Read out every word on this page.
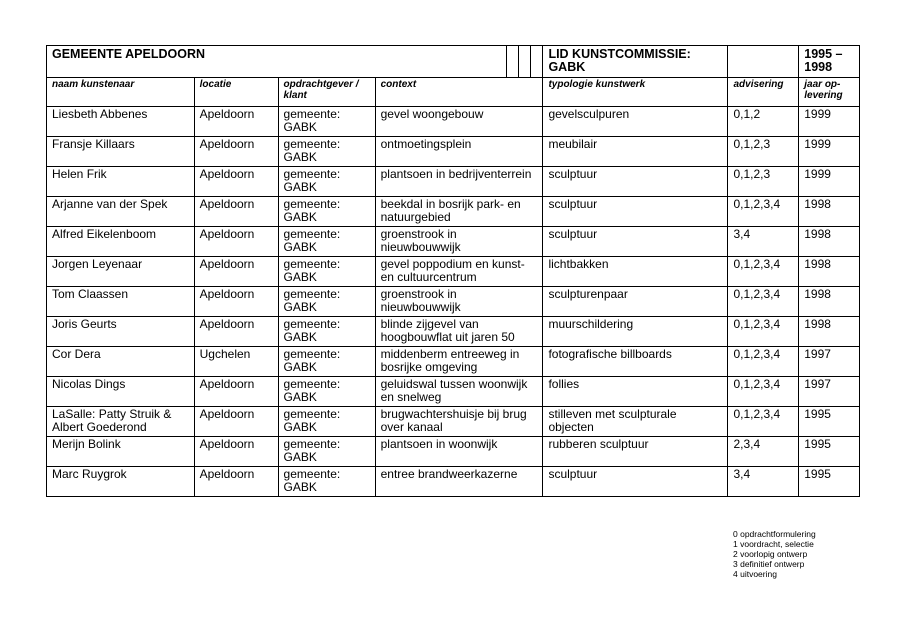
GEMEENTE APELDOORN							LID KUNSTCOMMISSIE: GABK		1995 – 1998
naam kunstenaar	locatie	opdrachtgever / klant	context				typologie kunstwerk	advisering	jaar op-levering
Liesbeth Abbenes	Apeldoorn	gemeente: GABK	gevel woongebouw				gevelsculpuren	0,1,2	1999
Fransje Killaars	Apeldoorn	gemeente: GABK	ontmoetingsplein				meubilair	0,1,2,3	1999
Helen Frik	Apeldoorn	gemeente: GABK	plantsoen in bedrijventerrein				sculptuur	0,1,2,3	1999
Arjanne van der Spek	Apeldoorn	gemeente: GABK	beekdal in bosrijk park- en natuurgebied				sculptuur	0,1,2,3,4	1998
Alfred Eikelenboom	Apeldoorn	gemeente: GABK	groenstrook in nieuwbouwwijk				sculptuur	3,4	1998
Jorgen Leyenaar	Apeldoorn	gemeente: GABK	gevel poppodium en kunst- en cultuurcentrum				lichtbakken	0,1,2,3,4	1998
Tom Claassen	Apeldoorn	gemeente: GABK	groenstrook in nieuwbouwwijk				sculpturenpaar	0,1,2,3,4	1998
Joris Geurts	Apeldoorn	gemeente: GABK	blinde zijgevel van hoogbouwflat uit jaren 50				muurschildering	0,1,2,3,4	1998
Cor Dera	Ugchelen	gemeente: GABK	middenberm entreeweg in bosrijke omgeving				fotografische billboards	0,1,2,3,4	1997
Nicolas Dings	Apeldoorn	gemeente: GABK	geluidswal tussen woonwijk en snelweg				follies	0,1,2,3,4	1997
LaSalle: Patty Struik & Albert Goederond	Apeldoorn	gemeente: GABK	brugwachtershuisje bij brug over kanaal				stilleven met sculpturale objecten	0,1,2,3,4	1995
Merijn Bolink	Apeldoorn	gemeente: GABK	plantsoen in woonwijk				rubberen sculptuur	2,3,4	1995
Marc Ruygrok	Apeldoorn	gemeente: GABK	entree brandweerkazerne				sculptuur	3,4	1995
0 opdrachtformulering
1 voordracht, selectie
2 voorlopig ontwerp
3 definitief ontwerp
4 uitvoering
